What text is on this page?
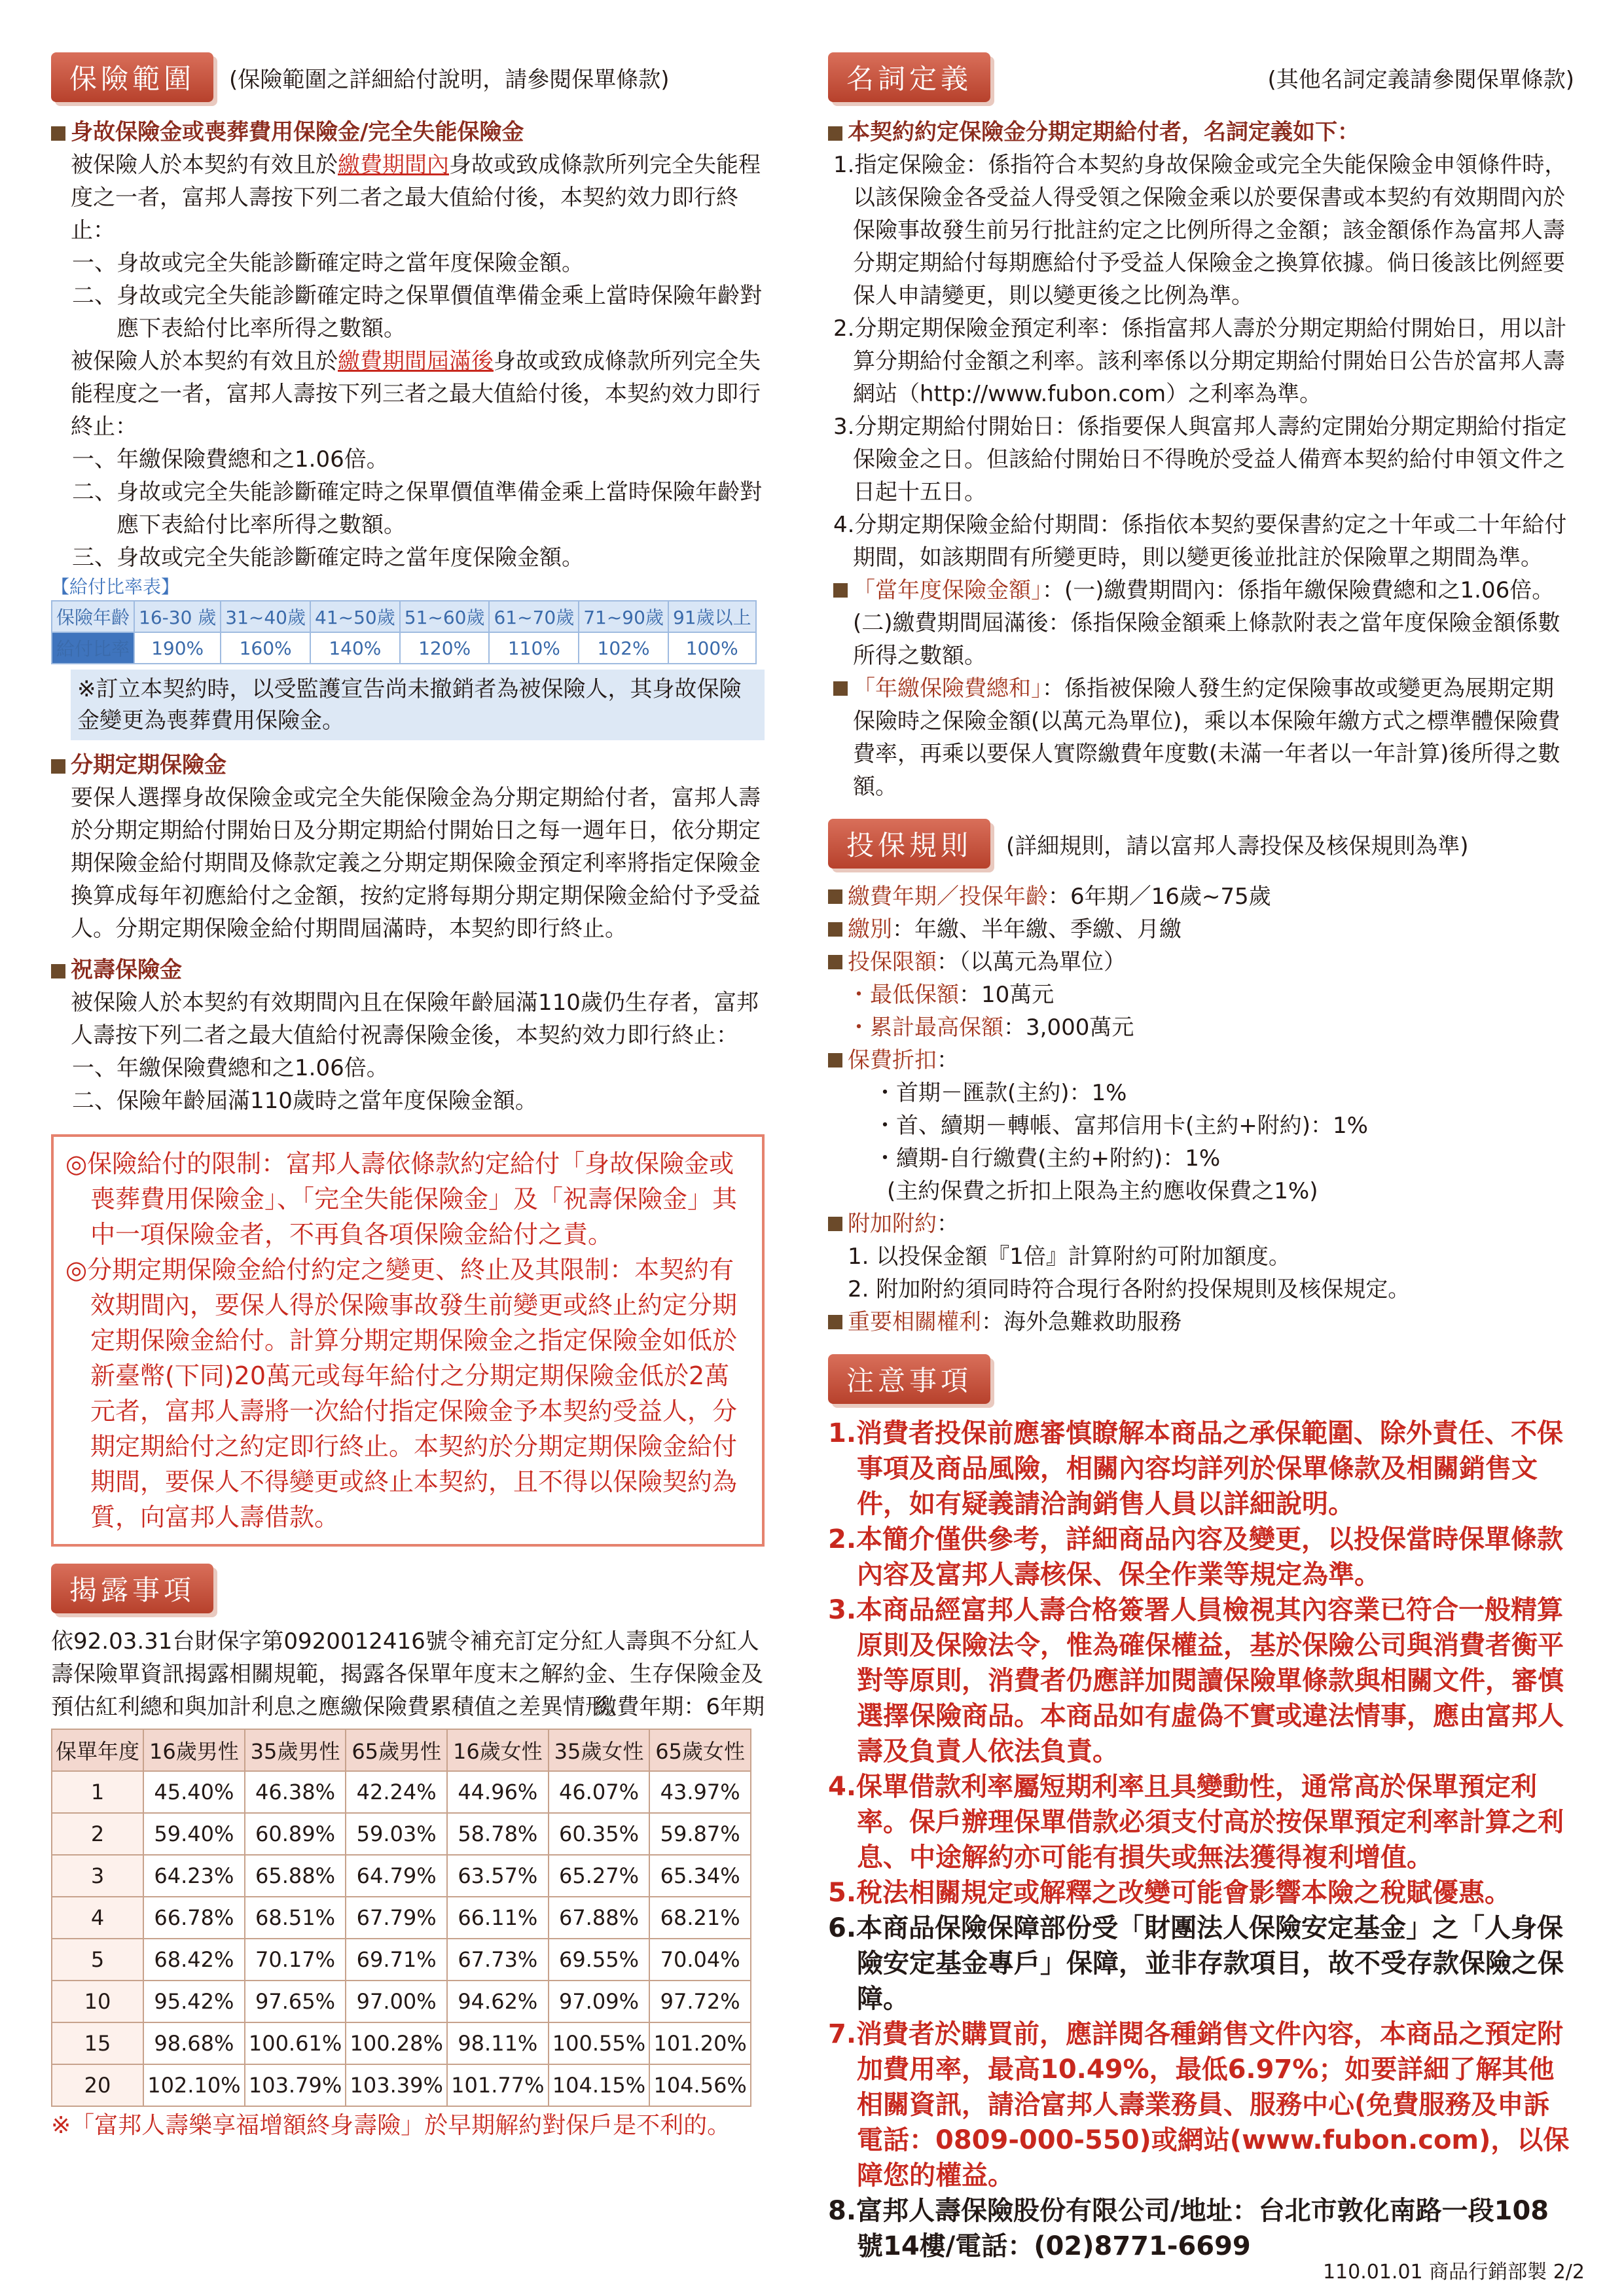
保險範圍	(保險範圍之詳細給付說明，請參閱保單條款)
身故保險金或喪葬費用保險金/完全失能保險金

被保險人於本契約有效且於繳費期間內身故或致成條款所列完全失能程度之一者，富邦人壽按下列二者之最大值給付後，本契約效力即行終止：

一、身故或完全失能診斷確定時之當年度保險金額。

二、身故或完全失能診斷確定時之保單價值準備金乘上當時保險年齡對應下表給付比率所得之數額。

被保險人於本契約有效且於繳費期間屆滿後身故或致成條款所列完全失能程度之一者，富邦人壽按下列三者之最大值給付後，本契約效力即行終止：

一、年繳保險費總和之1.06倍。

二、身故或完全失能診斷確定時之保單價值準備金乘上當時保險年齡對應下表給付比率所得之數額。

三、身故或完全失能診斷確定時之當年度保險金額。

【給付比率表】

保險年齡	16-30 歲	31~40歲	41~50歲	51~60歲	61~70歲	71~90歲	91歲以上
給付比率	190%	160%	140%	120%	110%	102%	100%
※訂立本契約時，以受監護宣告尚未撤銷者為被保險人，其身故保險金變更為喪葬費用保險金。
分期定期保險金

要保人選擇身故保險金或完全失能保險金為分期定期給付者，富邦人壽於分期定期給付開始日及分期定期給付開始日之每一週年日，依分期定期保險金給付期間及條款定義之分期定期保險金預定利率將指定保險金換算成每年初應給付之金額，按約定將每期分期定期保險金給付予受益人。分期定期保險金給付期間屆滿時，本契約即行終止。

祝壽保險金

被保險人於本契約有效期間內且在保險年齡屆滿110歲仍生存者，富邦人壽按下列二者之最大值給付祝壽保險金後，本契約效力即行終止：

一、年繳保險費總和之1.06倍。

二、保險年齡屆滿110歲時之當年度保險金額。

◎保險給付的限制：富邦人壽依條款約定給付「身故保險金或喪葬費用保險金」、「完全失能保險金」及「祝壽保險金」其中一項保險金者，不再負各項保險金給付之責。

◎分期定期保險金給付約定之變更、終止及其限制：本契約有效期間內，要保人得於保險事故發生前變更或終止約定分期定期保險金給付。計算分期定期保險金之指定保險金如低於新臺幣(下同)20萬元或每年給付之分期定期保險金低於2萬元者，富邦人壽將一次給付指定保險金予本契約受益人，分期定期給付之約定即行終止。本契約於分期定期保險金給付期間，要保人不得變更或終止本契約，且不得以保險契約為質，向富邦人壽借款。

揭露事項

依92.03.31台財保字第0920012416號令補充訂定分紅人壽與不分紅人壽保險單資訊揭露相關規範，揭露各保單年度末之解約金、生存保險金及預估紅利總和與加計利息之應繳保險費累積值之差異情形。

繳費年期：6年期

保單年度	16歲男性	35歲男性	65歲男性	16歲女性	35歲女性	65歲女性
1	45.40%	46.38%	42.24%	44.96%	46.07%	43.97%
2	59.40%	60.89%	59.03%	58.78%	60.35%	59.87%
3	64.23%	65.88%	64.79%	63.57%	65.27%	65.34%
4	66.78%	68.51%	67.79%	66.11%	67.88%	68.21%
5	68.42%	70.17%	69.71%	67.73%	69.55%	70.04%
10	95.42%	97.65%	97.00%	94.62%	97.09%	97.72%
15	98.68%	100.61%	100.28%	98.11%	100.55%	101.20%
20	102.10%	103.79%	103.39%	101.77%	104.15%	104.56%

※「富邦人壽樂享福增額終身壽險」於早期解約對保戶是不利的。

名詞定義	(其他名詞定義請參閱保單條款)
本契約約定保險金分期定期給付者，名詞定義如下：

1.指定保險金：係指符合本契約身故保險金或完全失能保險金申領條件時，以該保險金各受益人得受領之保險金乘以於要保書或本契約有效期間內於保險事故發生前另行批註約定之比例所得之金額；該金額係作為富邦人壽分期定期給付每期應給付予受益人保險金之換算依據。倘日後該比例經要保人申請變更，則以變更後之比例為準。

2.分期定期保險金預定利率：係指富邦人壽於分期定期給付開始日，用以計算分期給付金額之利率。該利率係以分期定期給付開始日公告於富邦人壽網站（http://www.fubon.com）之利率為準。

3.分期定期給付開始日：係指要保人與富邦人壽約定開始分期定期給付指定保險金之日。但該給付開始日不得晚於受益人備齊本契約給付申領文件之日起十五日。

4.分期定期保險金給付期間：係指依本契約要保書約定之十年或二十年給付期間，如該期間有所變更時，則以變更後並批註於保險單之期間為準。

「當年度保險金額」：(一)繳費期間內：係指年繳保險費總和之1.06倍。(二)繳費期間屆滿後：係指保險金額乘上條款附表之當年度保險金額係數所得之數額。

「年繳保險費總和」：係指被保險人發生約定保險事故或變更為展期定期保險時之保險金額(以萬元為單位)，乘以本保險年繳方式之標準體保險費費率，再乘以要保人實際繳費年度數(未滿一年者以一年計算)後所得之數額。

投保規則	(詳細規則，請以富邦人壽投保及核保規則為準)

繳費年期／投保年齡：6年期／16歲~75歲

繳別：年繳、半年繳、季繳、月繳

投保限額：（以萬元為單位）

・最低保額：10萬元

・累計最高保額：3,000萬元

保費折扣：

・首期－匯款(主約)：1%

・首、續期－轉帳、富邦信用卡(主約+附約)：1%

・續期-自行繳費(主約+附約)：1%

(主約保費之折扣上限為主約應收保費之1%)

附加附約：

1. 以投保金額『1倍』計算附約可附加額度。

2. 附加附約須同時符合現行各附約投保規則及核保規定。

重要相關權利：海外急難救助服務

注意事項

1.消費者投保前應審慎瞭解本商品之承保範圍、除外責任、不保事項及商品風險，相關內容均詳列於保單條款及相關銷售文件，如有疑義請洽詢銷售人員以詳細說明。

2.本簡介僅供參考，詳細商品內容及變更，以投保當時保單條款內容及富邦人壽核保、保全作業等規定為準。

3.本商品經富邦人壽合格簽署人員檢視其內容業已符合一般精算原則及保險法令，惟為確保權益，基於保險公司與消費者衡平對等原則，消費者仍應詳加閱讀保險單條款與相關文件，審慎選擇保險商品。本商品如有虛偽不實或違法情事，應由富邦人壽及負責人依法負責。

4.保單借款利率屬短期利率且具變動性，通常高於保單預定利率。保戶辦理保單借款必須支付高於按保單預定利率計算之利息、中途解約亦可能有損失或無法獲得複利增值。

5.稅法相關規定或解釋之改變可能會影響本險之稅賦優惠。

6.本商品保險保障部份受「財團法人保險安定基金」之「人身保險安定基金專戶」保障，並非存款項目，故不受存款保險之保障。

7.消費者於購買前，應詳閱各種銷售文件內容，本商品之預定附加費用率，最高10.49%，最低6.97%；如要詳細了解其他相關資訊，請洽富邦人壽業務員、服務中心(免費服務及申訴電話：0809-000-550)或網站(www.fubon.com)，以保障您的權益。

8.富邦人壽保險股份有限公司/地址：台北市敦化南路一段108號14樓/電話：(02)8771-6699

110.01.01 商品行銷部製 2/2
